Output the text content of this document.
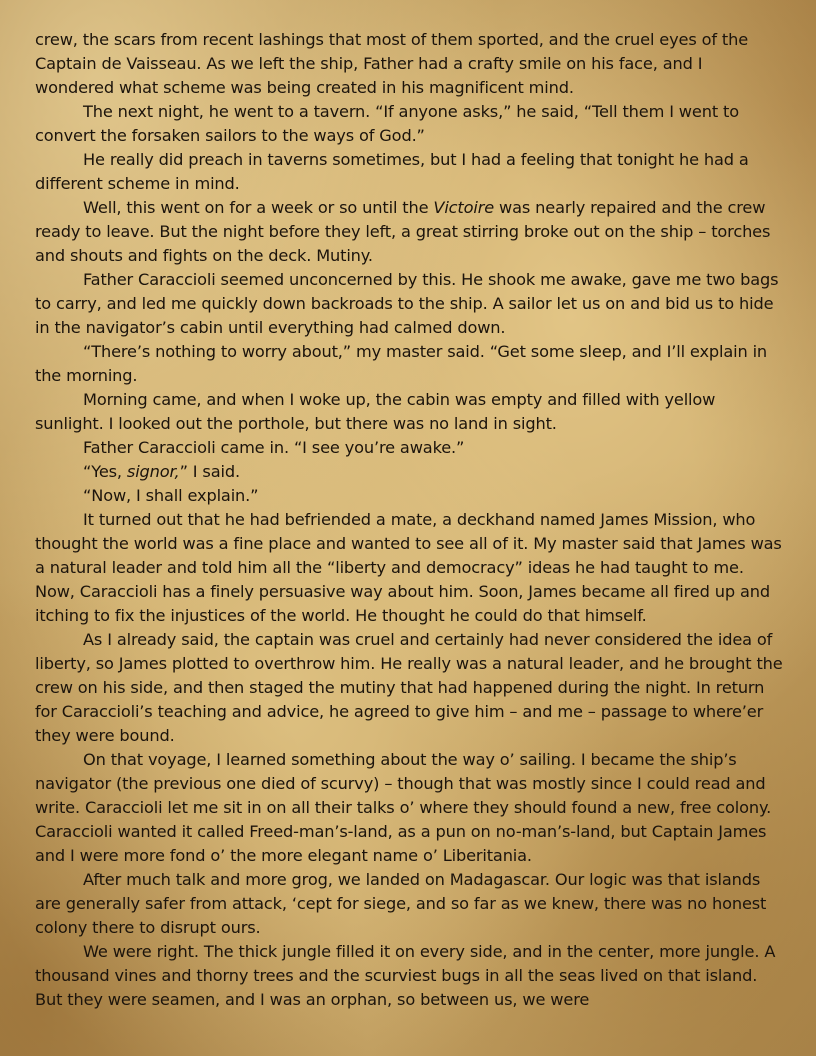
crew, the scars from recent lashings that most of them sported, and the cruel eyes of the Captain de Vaisseau. As we left the ship, Father had a crafty smile on his face, and I wondered what scheme was being created in his magnificent mind.

The next night, he went to a tavern. “If anyone asks,” he said, “Tell them I went to convert the forsaken sailors to the ways of God.”

He really did preach in taverns sometimes, but I had a feeling that tonight he had a different scheme in mind.

Well, this went on for a week or so until the Victoire was nearly repaired and the crew ready to leave. But the night before they left, a great stirring broke out on the ship – torches and shouts and fights on the deck. Mutiny.

Father Caraccioli seemed unconcerned by this. He shook me awake, gave me two bags to carry, and led me quickly down backroads to the ship. A sailor let us on and bid us to hide in the navigator’s cabin until everything had calmed down.

“There’s nothing to worry about,” my master said. “Get some sleep, and I’ll explain in the morning.

Morning came, and when I woke up, the cabin was empty and filled with yellow sunlight. I looked out the porthole, but there was no land in sight.

Father Caraccioli came in. “I see you’re awake.”

“Yes, signor,” I said.

“Now, I shall explain.”

It turned out that he had befriended a mate, a deckhand named James Mission, who thought the world was a fine place and wanted to see all of it. My master said that James was a natural leader and told him all the “liberty and democracy” ideas he had taught to me. Now, Caraccioli has a finely persuasive way about him. Soon, James became all fired up and itching to fix the injustices of the world. He thought he could do that himself.

As I already said, the captain was cruel and certainly had never considered the idea of liberty, so James plotted to overthrow him. He really was a natural leader, and he brought the crew on his side, and then staged the mutiny that had happened during the night. In return for Caraccioli’s teaching and advice, he agreed to give him – and me – passage to where’er they were bound.

On that voyage, I learned something about the way o’ sailing. I became the ship’s navigator (the previous one died of scurvy) – though that was mostly since I could read and write. Caraccioli let me sit in on all their talks o’ where they should found a new, free colony. Caraccioli wanted it called Freed-man’s-land, as a pun on no-man’s-land, but Captain James and I were more fond o’ the more elegant name o’ Liberitania.

After much talk and more grog, we landed on Madagascar. Our logic was that islands are generally safer from attack, ‘cept for siege, and so far as we knew, there was no honest colony there to disrupt ours.

We were right. The thick jungle filled it on every side, and in the center, more jungle. A thousand vines and thorny trees and the scurviest bugs in all the seas lived on that island. But they were seamen, and I was an orphan, so between us, we were
